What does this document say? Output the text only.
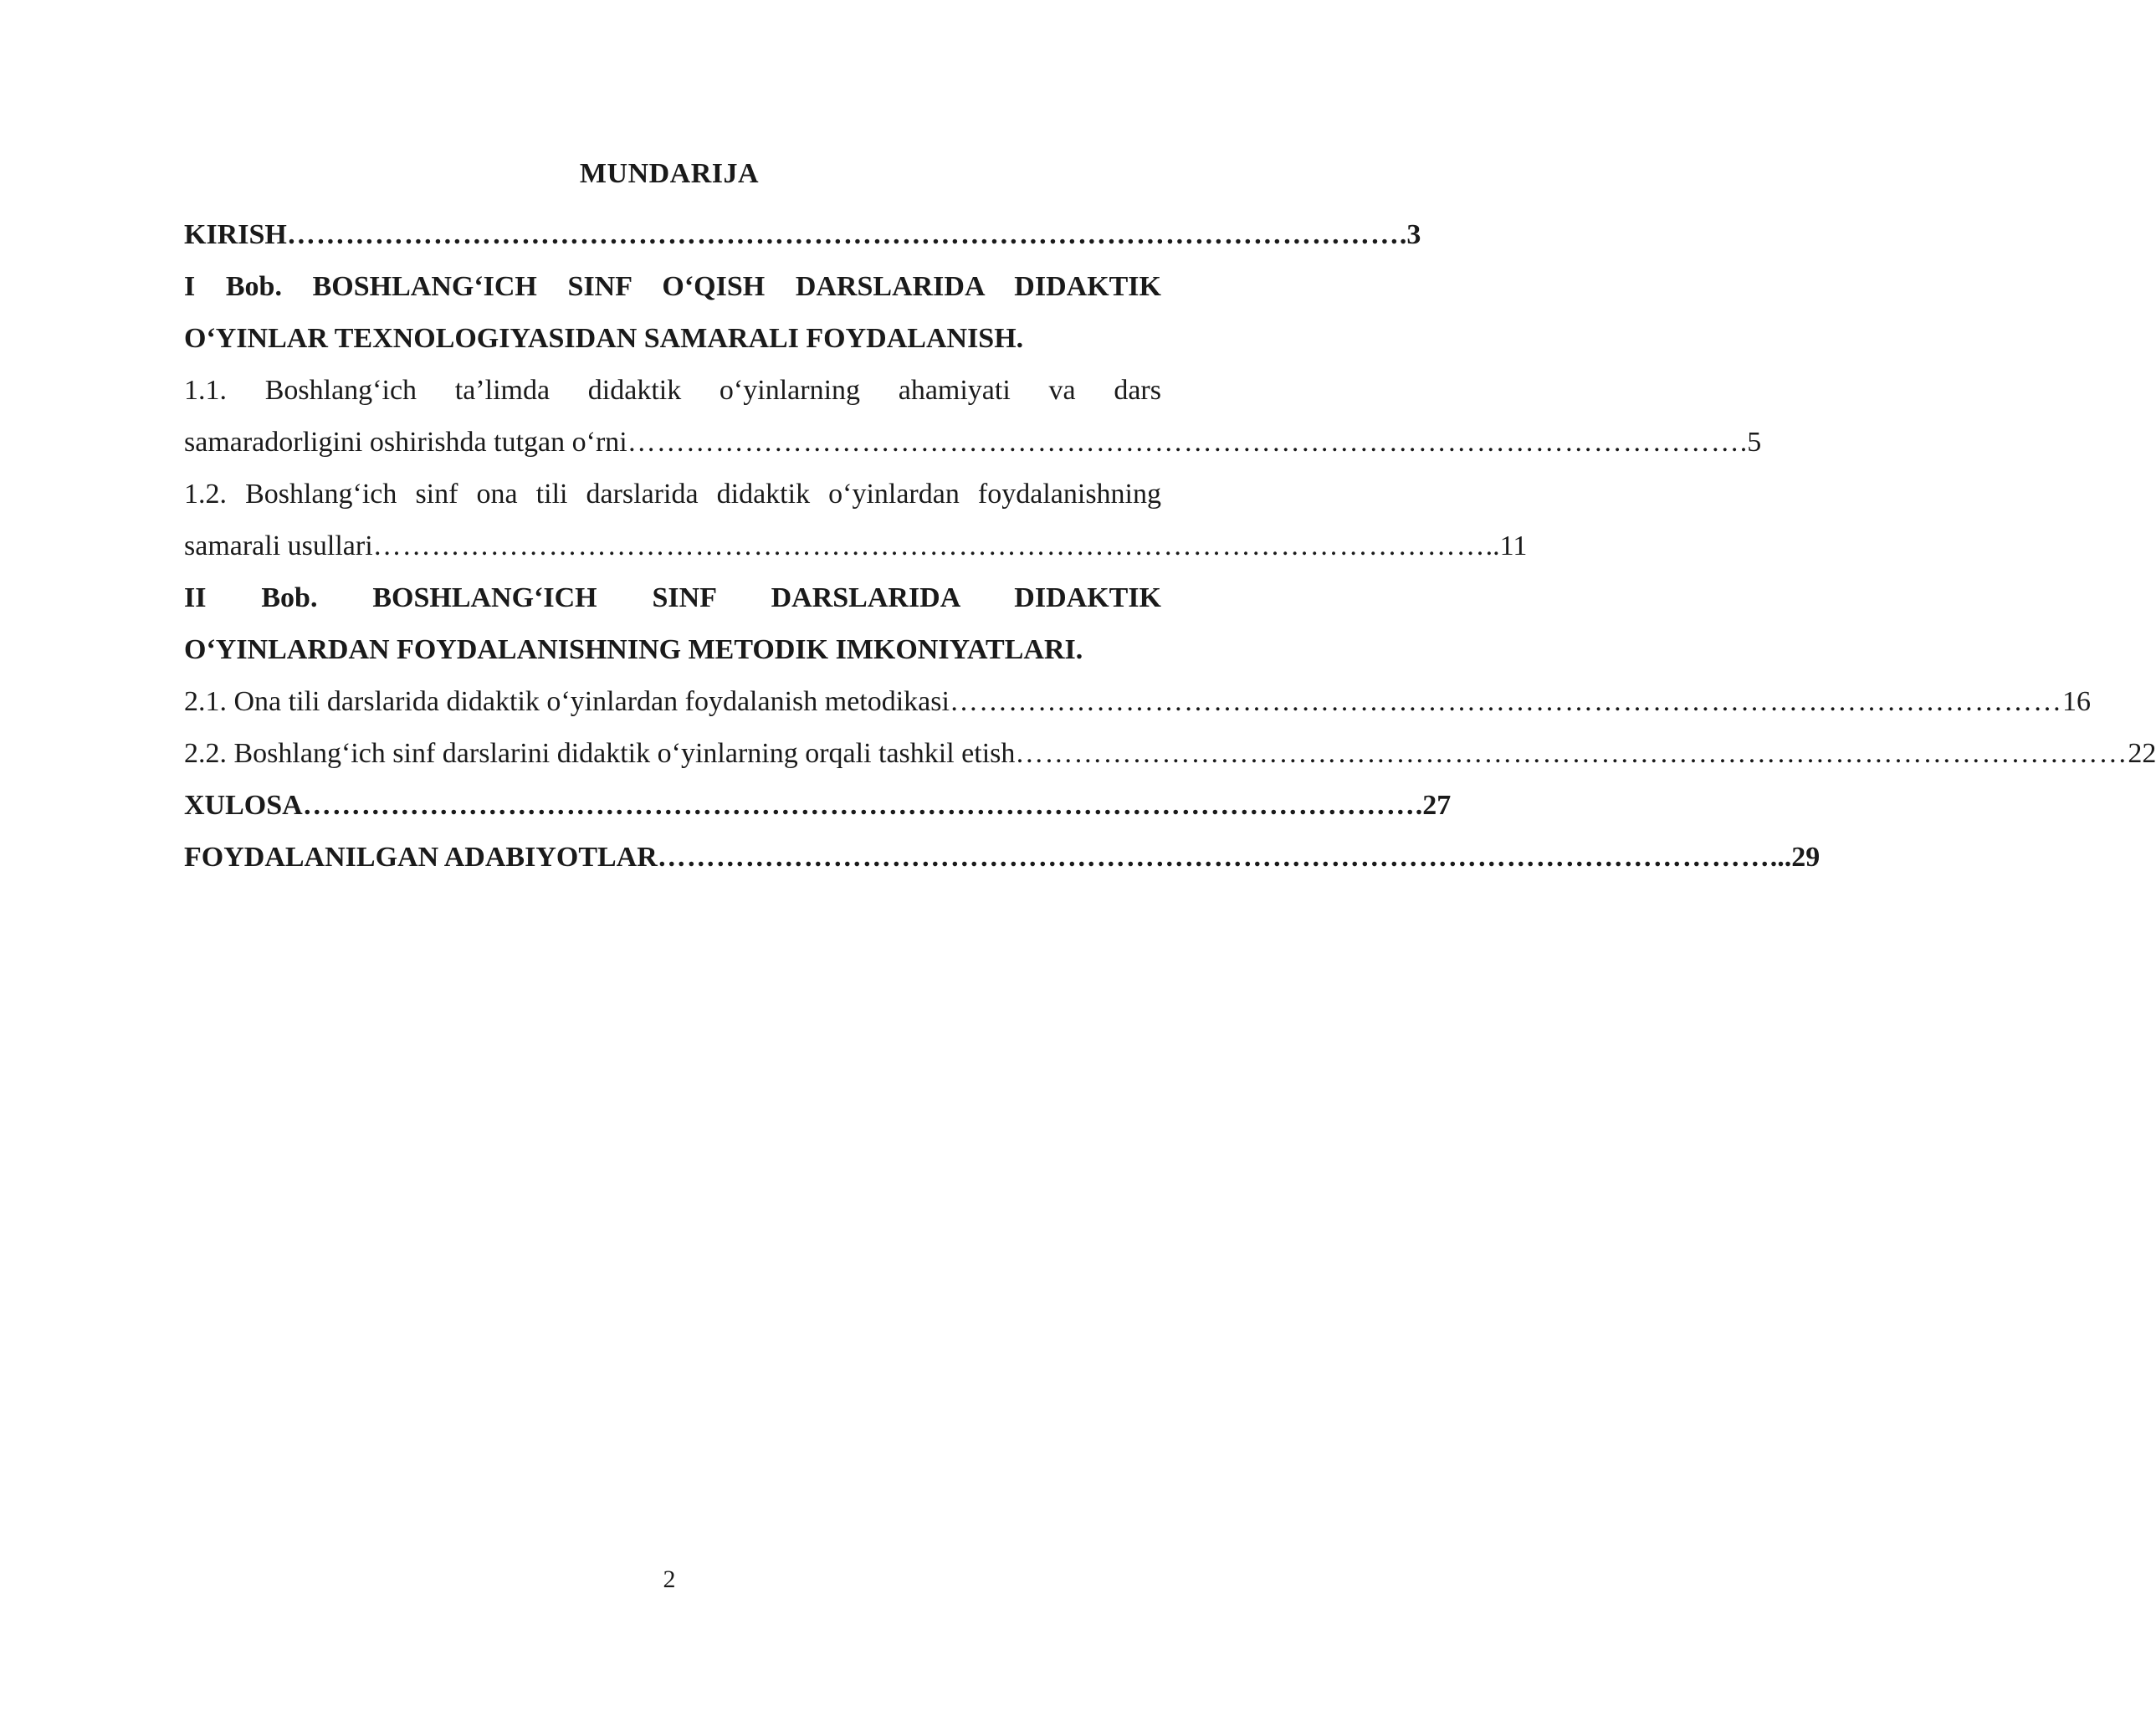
MUNDARIJA
KIRISH …………………………………………………………………………………………………… .3
I Bob. BOSHLANG‘ICH SINF O‘QISH DARSLARIDA DIDAKTIK
O‘YINLAR TEXNOLOGIYASIDAN SAMARALI FOYDALANISH.
1.1. Boshlang‘ich ta’limda didaktik o‘yinlarning ahamiyati va dars
samaradorligini oshirishda tutgan o‘rni …………………………………………………………………………………………………… .5
1.2. Boshlang‘ich sinf ona tili darslarida didaktik o‘yinlardan foydalanishning
samarali usullari …………………………………………………………………………………………………… ..11
II Bob. BOSHLANG‘ICH SINF DARSLARIDA DIDAKTIK
O‘YINLARDAN FOYDALANISHNING METODIK IMKONIYATLARI.
2.1. Ona tili darslarida didaktik o‘yinlardan foydalanish metodikasi …………………………………………………………………………………………………… 16
2.2. Boshlang‘ich sinf darslarini didaktik o‘yinlarning orqali tashkil etish …………………………………………………………………………………………………… 22
XULOSA …………………………………………………………………………………………………… .27
FOYDALANILGAN ADABIYOTLAR …………………………………………………………………………………………………… ...29
2
